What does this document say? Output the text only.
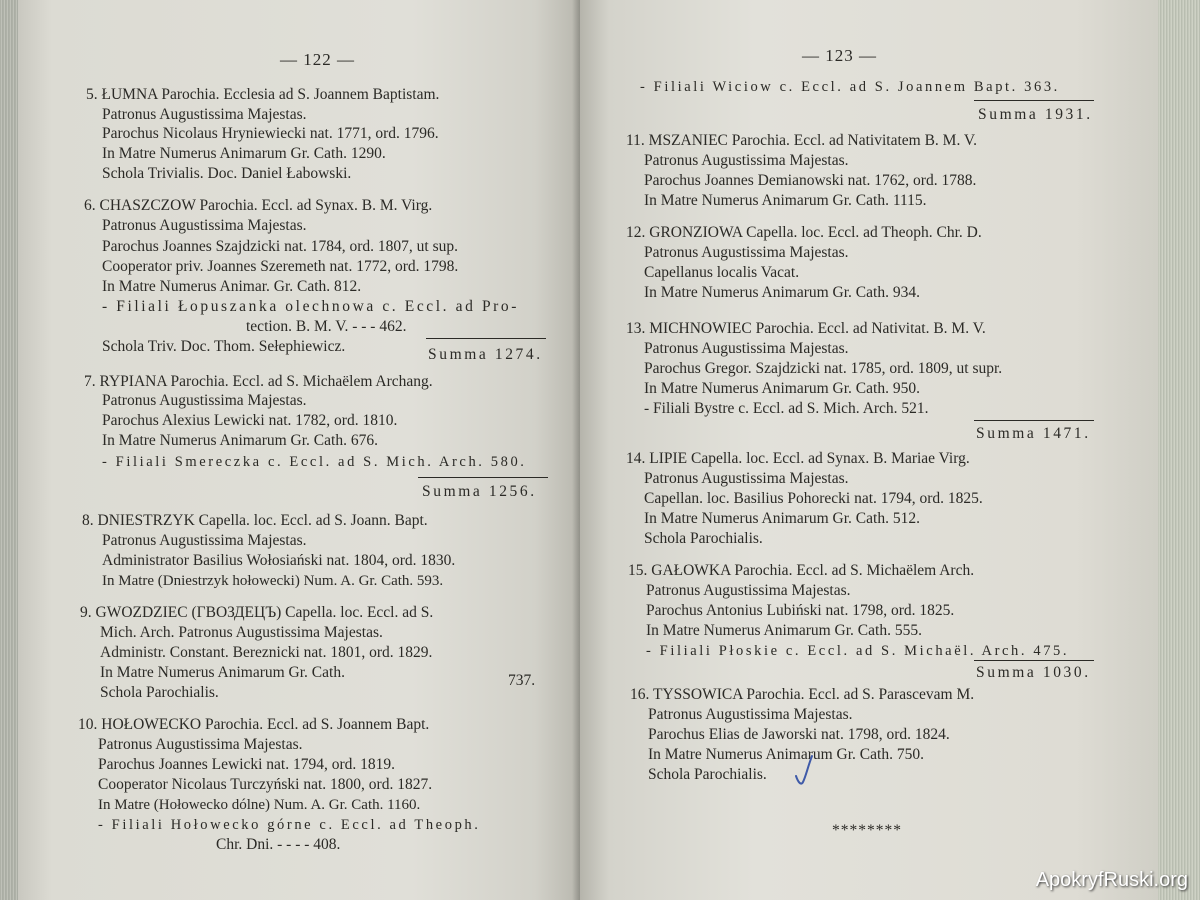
— 122 —
5. ŁUMNA Parochia. Ecclesia ad S. Joannem Baptistam.
Patronus Augustissima Majestas.
Parochus Nicolaus Hryniewiecki nat. 1771, ord. 1796.
In Matre Numerus Animarum Gr. Cath. 1290.
Schola Trivialis. Doc. Daniel Łabowski.
6. CHASZCZOW Parochia. Eccl. ad Synax. B. M. Virg.
Patronus Augustissima Majestas.
Parochus Joannes Szajdzicki nat. 1784, ord. 1807, ut sup.
Cooperator priv. Joannes Szeremeth nat. 1772, ord. 1798.
In Matre Numerus Animar. Gr. Cath. 812.
- Filiali Łopuszanka olechnowa c. Eccl. ad Pro-
tection. B. M. V. - - - 462.
Schola Triv. Doc. Thom. Sełephiewicz.	Summa 1274.
7. RYPIANA Parochia. Eccl. ad S. Michaëlem Archang.
Patronus Augustissima Majestas.
Parochus Alexius Lewicki nat. 1782, ord. 1810.
In Matre Numerus Animarum Gr. Cath. 676.
- Filiali Smereczka c. Eccl. ad S. Mich. Arch. 580.
Summa 1256.
8. DNIESTRZYK Capella. loc. Eccl. ad S. Joann. Bapt.
Patronus Augustissima Majestas.
Administrator Basilius Wołosiański nat. 1804, ord. 1830.
In Matre (Dniestrzyk hołowecki) Num. A. Gr. Cath. 593.
9. GWOZDZIEC (ГВОЗДЕЦЪ) Capella. loc. Eccl. ad S.
Mich. Arch. Patronus Augustissima Majestas.
Administr. Constant. Bereznicki nat. 1801, ord. 1829.
In Matre Numerus Animarum Gr. Cath.
Schola Parochialis.
737.
10. HOŁOWECKO Parochia. Eccl. ad S. Joannem Bapt.
Patronus Augustissima Majestas.
Parochus Joannes Lewicki nat. 1794, ord. 1819.
Cooperator Nicolaus Turczyński nat. 1800, ord. 1827.
In Matre (Hołowecko dólne) Num. A. Gr. Cath. 1160.
- Filiali Hołowecko górne c. Eccl. ad Theoph.
Chr. Dni. - - - - 408.
— 123 —
- Filiali Wiciow c. Eccl. ad S. Joannem Bapt. 363.
Summa 1931.
11. MSZANIEC Parochia. Eccl. ad Nativitatem B. M. V.
Patronus Augustissima Majestas.
Parochus Joannes Demianowski nat. 1762, ord. 1788.
In Matre Numerus Animarum Gr. Cath. 1115.
12. GRONZIOWA Capella. loc. Eccl. ad Theoph. Chr. D.
Patronus Augustissima Majestas.
Capellanus localis Vacat.
In Matre Numerus Animarum Gr. Cath. 934.
13. MICHNOWIEC Parochia. Eccl. ad Nativitat. B. M. V.
Patronus Augustissima Majestas.
Parochus Gregor. Szajdzicki nat. 1785, ord. 1809, ut supr.
In Matre Numerus Animarum Gr. Cath. 950.
- Filiali Bystre c. Eccl. ad S. Mich. Arch. 521.
Summa 1471.
14. LIPIE Capella. loc. Eccl. ad Synax. B. Mariae Virg.
Patronus Augustissima Majestas.
Capellan. loc. Basilius Pohorecki nat. 1794, ord. 1825.
In Matre Numerus Animarum Gr. Cath. 512.
Schola Parochialis.
15. GAŁOWKA Parochia. Eccl. ad S. Michaëlem Arch.
Patronus Augustissima Majestas.
Parochus Antonius Lubiński nat. 1798, ord. 1825.
In Matre Numerus Animarum Gr. Cath. 555.
- Filiali Płoskie c. Eccl. ad S. Michaël. Arch. 475.
Summa 1030.
16. TYSSOWICA Parochia. Eccl. ad S. Parascevam M.
Patronus Augustissima Majestas.
Parochus Elias de Jaworski nat. 1798, ord. 1824.
In Matre Numerus Animarum Gr. Cath. 750.
Schola Parochialis.
********
ApokryfRuski.org
